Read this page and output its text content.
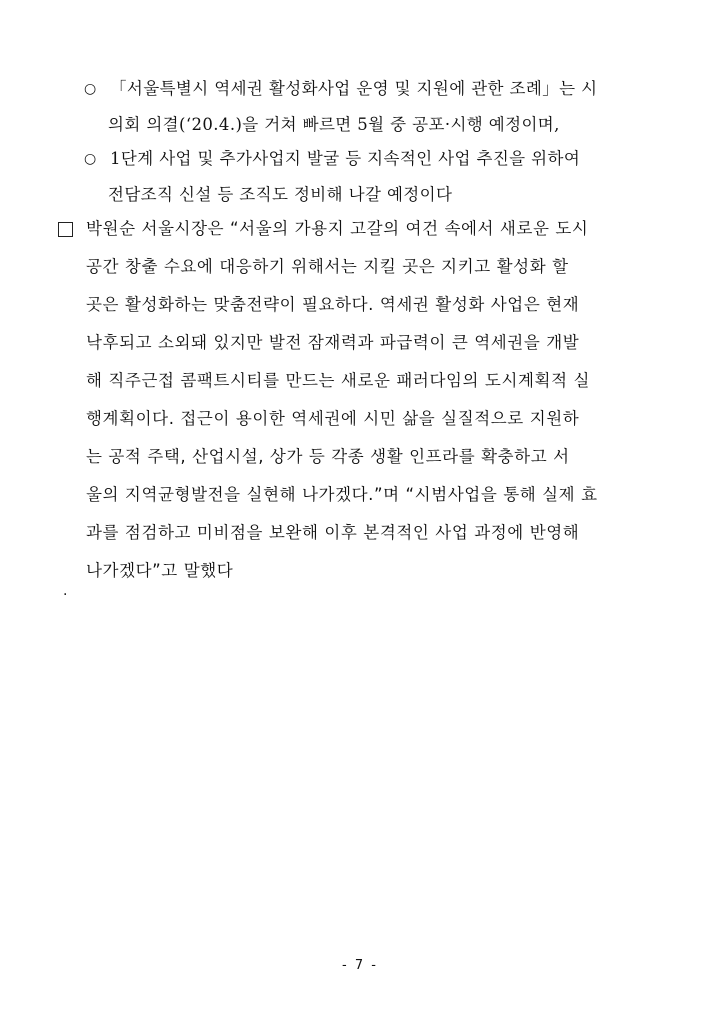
○ 「서울특별시 역세권 활성화사업 운영 및 지원에 관한 조례」는 시
의회 의결(‘20.4.)을 거쳐 빠르면 5월 중 공포·시행 예정이며,
○ 1단계 사업 및 추가사업지 발굴 등 지속적인 사업 추진을 위하여
전담조직 신설 등 조직도 정비해 나갈 예정이다
박원순 서울시장은 “서울의 가용지 고갈의 여건 속에서 새로운 도시
공간 창출 수요에 대응하기 위해서는 지킬 곳은 지키고 활성화 할
곳은 활성화하는 맞춤전략이 필요하다. 역세권 활성화 사업은 현재
낙후되고 소외돼 있지만 발전 잠재력과 파급력이 큰 역세권을 개발
해 직주근접 콤팩트시티를 만드는 새로운 패러다임의 도시계획적 실
행계획이다. 접근이 용이한 역세권에 시민 삶을 실질적으로 지원하
는 공적 주택, 산업시설, 상가 등 각종 생활 인프라를 확충하고 서
울의 지역균형발전을 실현해 나가겠다.”며 “시범사업을 통해 실제 효
과를 점검하고 미비점을 보완해 이후 본격적인 사업 과정에 반영해
나가겠다”고 말했다
.
- 7 -
